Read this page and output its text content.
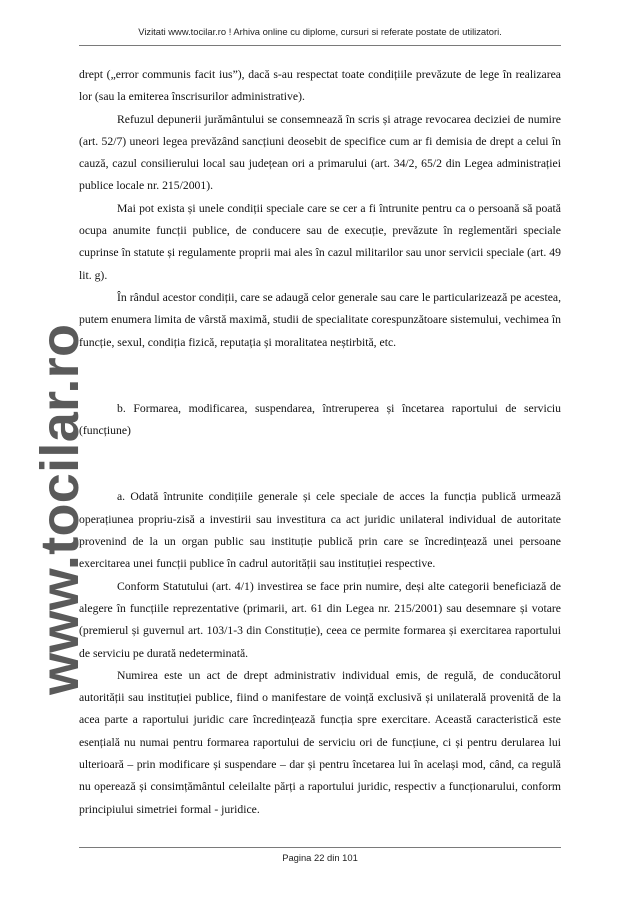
Vizitati www.tocilar.ro ! Arhiva online cu diplome, cursuri si referate postate de utilizatori.
www.tocilar.ro

drept („error communis facit ius”), dacă s-au respectat toate condițiile prevăzute de lege în realizarea lor (sau la emiterea înscrisurilor administrative).

Refuzul depunerii jurământului se consemnează în scris și atrage revocarea deciziei de numire (art. 52/7) uneori legea prevăzând sancțiuni deosebit de specifice cum ar fi demisia de drept a celui în cauză, cazul consilierului local sau județean ori a primarului (art. 34/2, 65/2 din Legea administrației publice locale nr. 215/2001).

Mai pot exista și unele condiții speciale care se cer a fi întrunite pentru ca o persoană să poată ocupa anumite funcții publice, de conducere sau de execuție, prevăzute în reglementări speciale cuprinse în statute și regulamente proprii mai ales în cazul militarilor sau unor servicii speciale (art. 49 lit. g).

În rândul acestor condiții, care se adaugă celor generale sau care le particularizează pe acestea, putem enumera limita de vârstă maximă, studii de specialitate corespunzătoare sistemului, vechimea în funcție, sexul, condiția fizică, reputația și moralitatea neștirbită, etc.

b. Formarea, modificarea, suspendarea, întreruperea și încetarea raportului de serviciu (funcțiune)

a. Odată întrunite condițiile generale și cele speciale de acces la funcția publică urmează operațiunea propriu-zisă a investirii sau investitura ca act juridic unilateral individual de autoritate provenind de la un organ public sau instituție publică prin care se încredințează unei persoane exercitarea unei funcții publice în cadrul autorității sau instituției respective.

Conform Statutului (art. 4/1) investirea se face prin numire, deși alte categorii beneficiază de alegere în funcțiile reprezentative (primarii, art. 61 din Legea nr. 215/2001) sau desemnare și votare (premierul și guvernul art. 103/1-3 din Constituție), ceea ce permite formarea și exercitarea raportului de serviciu pe durată nedeterminată.

Numirea este un act de drept administrativ individual emis, de regulă, de conducătorul autorității sau instituției publice, fiind o manifestare de voință exclusivă și unilaterală provenită de la acea parte a raportului juridic care încredințează funcția spre exercitare. Această caracteristică este esențială nu numai pentru formarea raportului de serviciu ori de funcțiune, ci și pentru derularea lui ulterioară – prin modificare și suspendare – dar și pentru încetarea lui în același mod, când, ca regulă nu operează și consimțământul celeilalte părți a raportului juridic, respectiv a funcționarului, conform principiului simetriei formal - juridice.

Pagina 22 din 101
